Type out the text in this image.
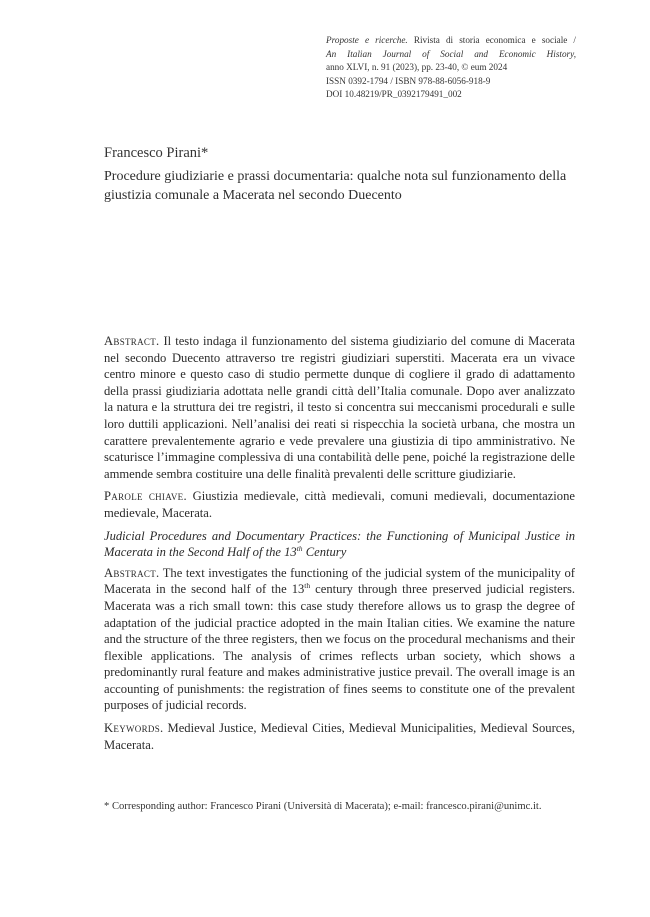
Proposte e ricerche. Rivista di storia economica e sociale /
An Italian Journal of Social and Economic History,
anno XLVI, n. 91 (2023), pp. 23-40, © eum 2024
ISSN 0392-1794 / ISBN 978-88-6056-918-9
DOI 10.48219/PR_0392179491_002
Francesco Pirani*
Procedure giudiziarie e prassi documentaria: qualche nota sul funzionamento della giustizia comunale a Macerata nel secondo Duecento

Abstract. Il testo indaga il funzionamento del sistema giudiziario del comune di Macerata nel secondo Duecento attraverso tre registri giudiziari superstiti. Macerata era un vivace centro minore e questo caso di studio permette dunque di cogliere il grado di adattamento della prassi giudiziaria adottata nelle grandi città dell’Italia comunale. Dopo aver analizzato la natura e la struttura dei tre registri, il testo si concentra sui meccanismi procedurali e sulle loro duttili applicazioni. Nell’analisi dei reati si rispecchia la società urbana, che mostra un carattere prevalentemente agrario e vede prevalere una giustizia di tipo amministrativo. Ne scaturisce l’immagine complessiva di una contabilità delle pene, poiché la registrazione delle ammende sembra costituire una delle finalità prevalenti delle scritture giudiziarie.

Parole chiave. Giustizia medievale, città medievali, comuni medievali, documentazione medievale, Macerata.

Judicial Procedures and Documentary Practices: the Functioning of Municipal Justice in Macerata in the Second Half of the 13th Century

Abstract. The text investigates the functioning of the judicial system of the municipality of Macerata in the second half of the 13th century through three preserved judicial registers. Macerata was a rich small town: this case study therefore allows us to grasp the degree of adaptation of the judicial practice adopted in the main Italian cities. We examine the nature and the structure of the three registers, then we focus on the procedural mechanisms and their flexible applications. The analysis of crimes reflects urban society, which shows a predominantly rural feature and makes administrative justice prevail. The overall image is an accounting of punishments: the registration of fines seems to constitute one of the prevalent purposes of judicial records.

Keywords. Medieval Justice, Medieval Cities, Medieval Municipalities, Medieval Sources, Macerata.

* Corresponding author: Francesco Pirani (Università di Macerata); e-mail: francesco.pirani@unimc.it.
